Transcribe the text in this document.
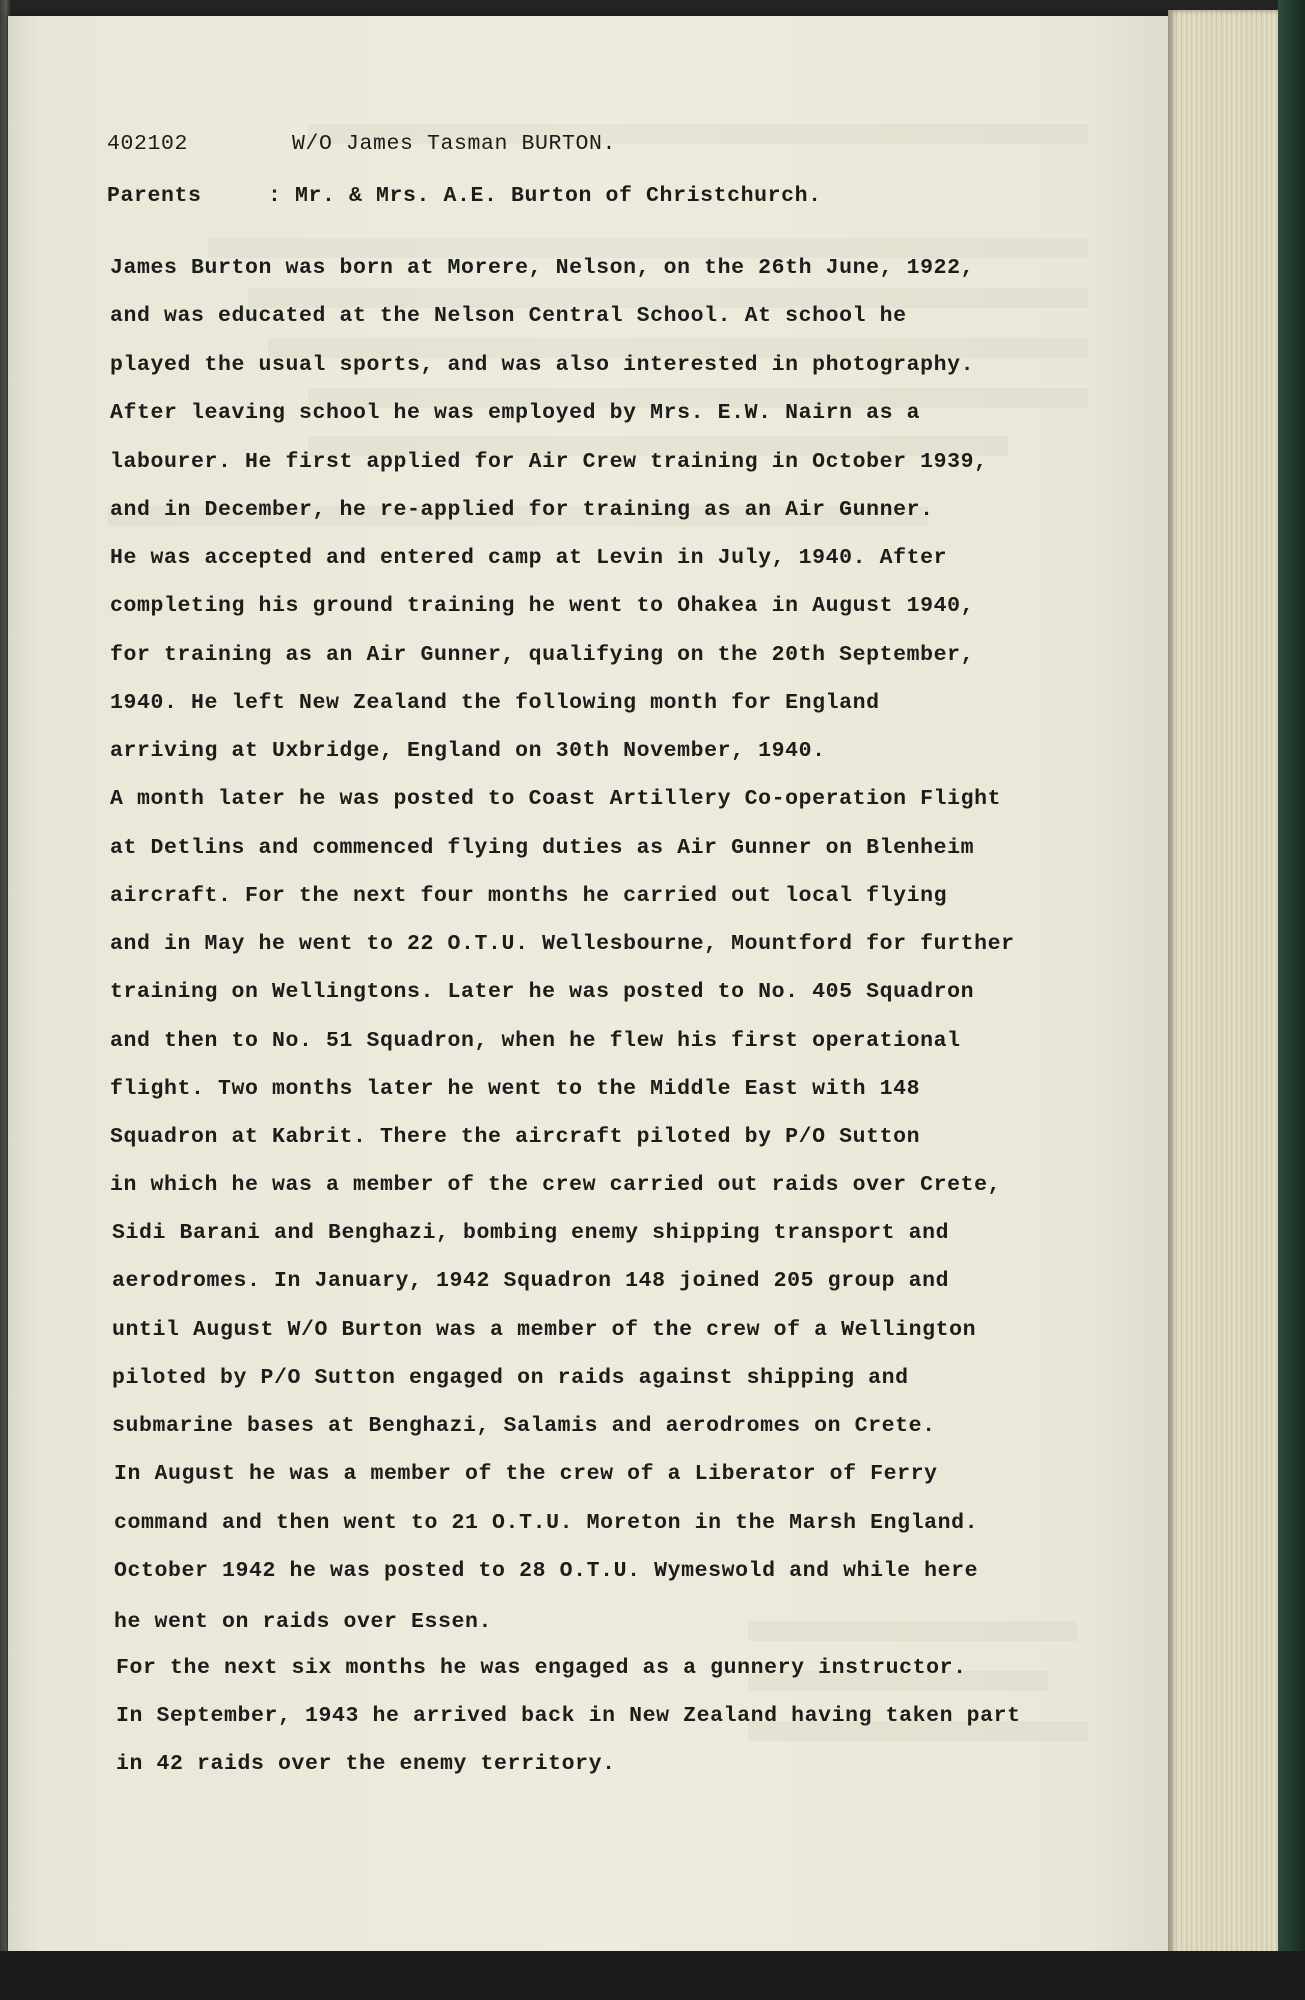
402102	W/O James Tasman BURTON.
Parents	: Mr. & Mrs. A.E. Burton of Christchurch.
James Burton was born at Morere, Nelson, on the 26th June, 1922,
and was educated at the Nelson Central School. At school he
played the usual sports, and was also interested in photography.
After leaving school he was employed by Mrs. E.W. Nairn as a
labourer. He first applied for Air Crew training in October 1939,
and in December, he re-applied for training as an Air Gunner.
He was accepted and entered camp at Levin in July, 1940. After
completing his ground training he went to Ohakea in August 1940,
for training as an Air Gunner, qualifying on the 20th September,
1940. He left New Zealand the following month for England
arriving at Uxbridge, England on 30th November, 1940.
A month later he was posted to Coast Artillery Co-operation Flight
at Detlins and commenced flying duties as Air Gunner on Blenheim
aircraft. For the next four months he carried out local flying
and in May he went to 22 O.T.U. Wellesbourne, Mountford for further
training on Wellingtons. Later he was posted to No. 405 Squadron
and then to No. 51 Squadron, when he flew his first operational
flight. Two months later he went to the Middle East with 148
Squadron at Kabrit. There the aircraft piloted by P/O Sutton
in which he was a member of the crew carried out raids over Crete,
Sidi Barani and Benghazi, bombing enemy shipping transport and
aerodromes. In January, 1942 Squadron 148 joined 205 group and
until August W/O Burton was a member of the crew of a Wellington
piloted by P/O Sutton engaged on raids against shipping and
submarine bases at Benghazi, Salamis and aerodromes on Crete.
In August he was a member of the crew of a Liberator of Ferry
command and then went to 21 O.T.U. Moreton in the Marsh England.
October 1942 he was posted to 28 O.T.U. Wymeswold and while here
he went on raids over Essen.
For the next six months he was engaged as a gunnery instructor.
In September, 1943 he arrived back in New Zealand having taken part
in 42 raids over the enemy territory.
